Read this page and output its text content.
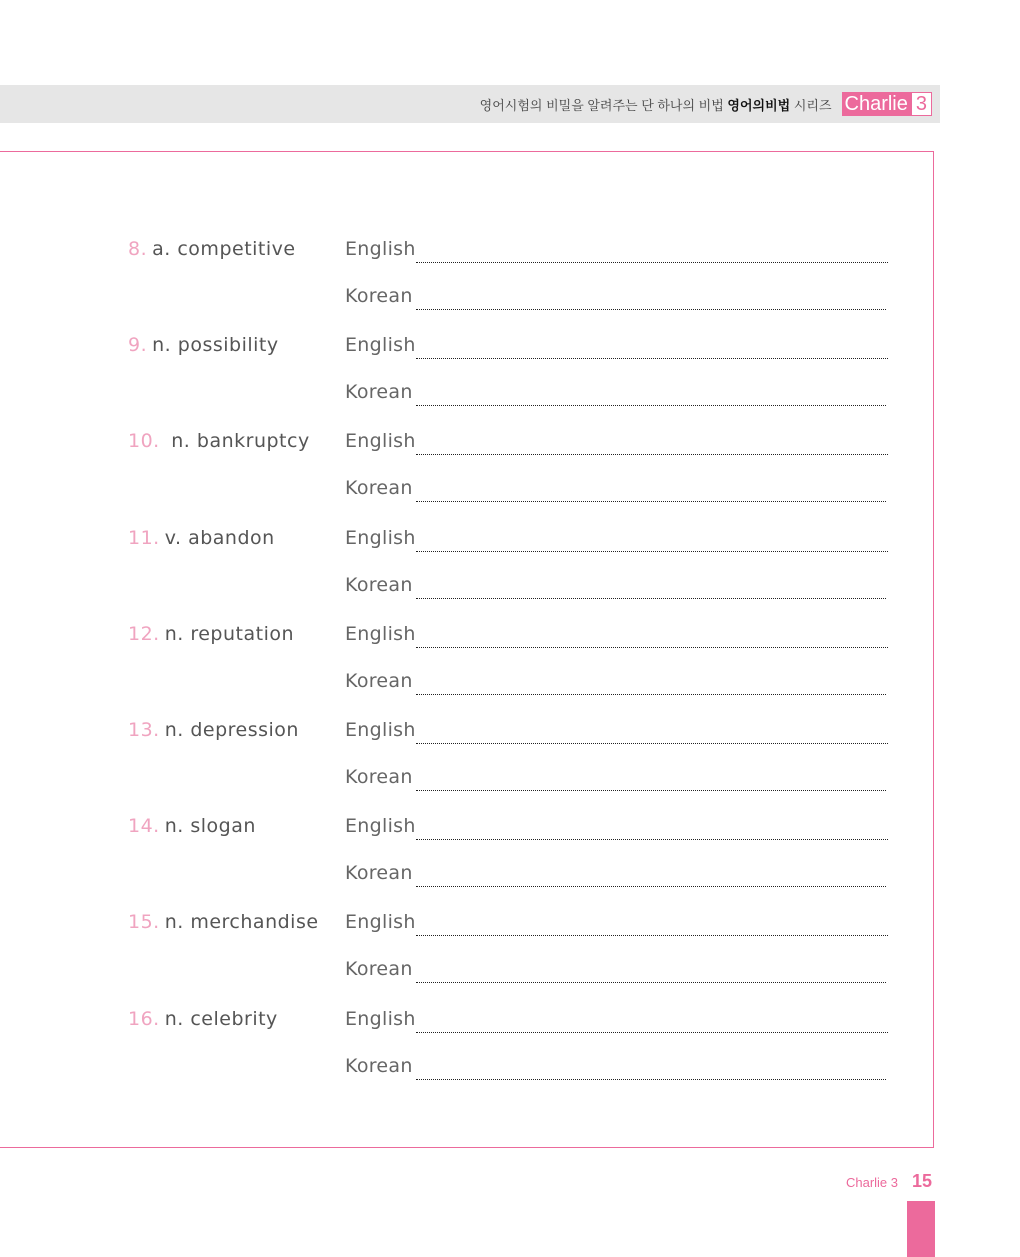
영어시험의 비밀을 알려주는 단 하나의 비법 영어의비법 시리즈 Charlie 3
8. a. competitive	English
Korean
9. n. possibility	English
Korean
10. n. bankruptcy English
Korean
11. v. abandon	English
Korean
12. n. reputation	English
Korean
13. n. depression English
Korean
14. n. slogan	English
Korean
15. n. merchandise English
Korean
16. n. celebrity	English
Korean
Charlie 3 15
